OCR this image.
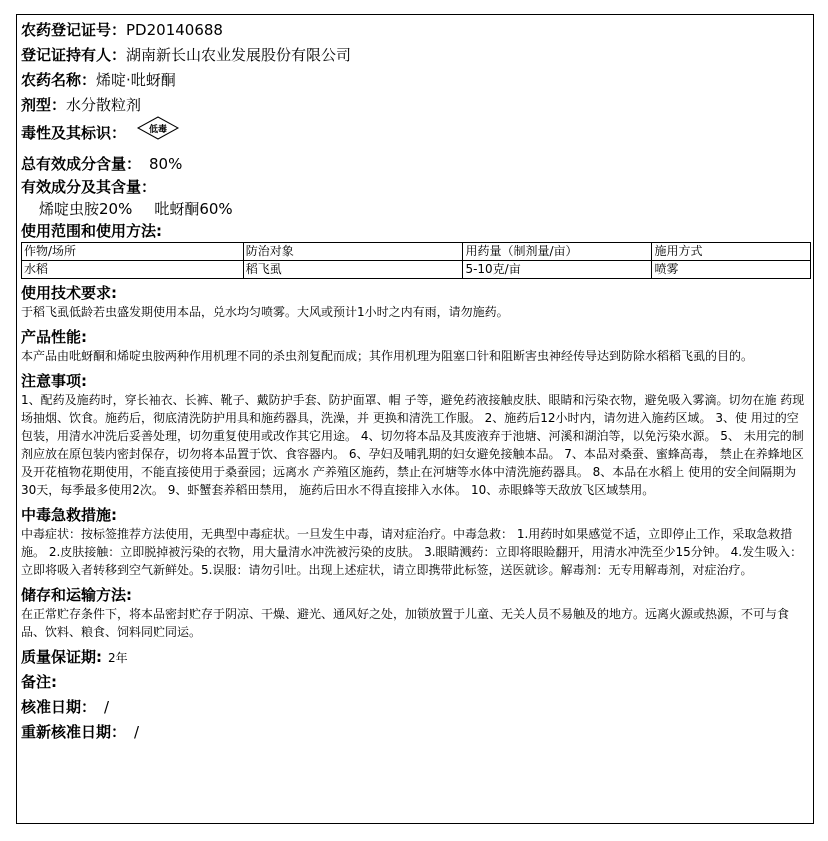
农药登记证号：PD20140688
登记证持有人：湖南新长山农业发展股份有限公司
农药名称：烯啶·吡蚜酮
剂型：水分散粒剂
毒性及其标识：	低毒
总有效成分含量： 80%
有效成分及其含量：
烯啶虫胺20% 吡蚜酮60%
使用范围和使用方法:
作物/场所	防治对象	用药量（制剂量/亩）	施用方式
水稻	稻飞虱	5-10克/亩	喷雾
使用技术要求:
于稻飞虱低龄若虫盛发期使用本品，兑水均匀喷雾。大风或预计1小时之内有雨，请勿施药。
产品性能:
本产品由吡蚜酮和烯啶虫胺两种作用机理不同的杀虫剂复配而成；其作用机理为阻塞口针和阻断害虫神经传导达到防除水稻稻飞虱的目的。
注意事项:
1、配药及施药时，穿长袖衣、长裤、靴子、戴防护手套、防护面罩、帽 子等，避免药液接触皮肤、眼睛和污染衣物，避免吸入雾滴。切勿在施 药现场抽烟、饮食。施药后，彻底清洗防护用具和施药器具，洗澡，并 更换和清洗工作服。 2、施药后12小时内，请勿进入施药区域。 3、使 用过的空包装，用清水冲洗后妥善处理，切勿重复使用或改作其它用途。 4、切勿将本品及其废液弃于池塘、河溪和湖泊等，以免污染水源。 5、 未用完的制剂应放在原包装内密封保存，切勿将本品置于饮、食容器内。 6、孕妇及哺乳期的妇女避免接触本品。 7、本品对桑蚕、蜜蜂高毒， 禁止在养蜂地区及开花植物花期使用，不能直接使用于桑蚕园；远离水 产养殖区施药，禁止在河塘等水体中清洗施药器具。 8、本品在水稻上 使用的安全间隔期为30天，每季最多使用2次。 9、虾蟹套养稻田禁用， 施药后田水不得直接排入水体。 10、赤眼蜂等天敌放飞区域禁用。
中毒急救措施:
中毒症状：按标签推荐方法使用，无典型中毒症状。一旦发生中毒，请对症治疗。中毒急救： 1.用药时如果感觉不适，立即停止工作，采取急救措施。 2.皮肤接触：立即脱掉被污染的衣物，用大量清水冲洗被污染的皮肤。 3.眼睛溅药：立即将眼睑翻开，用清水冲洗至少15分钟。 4.发生吸入：立即将吸入者转移到空气新鲜处。5.误服：请勿引吐。出现上述症状，请立即携带此标签，送医就诊。解毒剂：无专用解毒剂，对症治疗。
储存和运输方法:
在正常贮存条件下，将本品密封贮存于阴凉、干燥、避光、通风好之处，加锁放置于儿童、无关人员不易触及的地方。远离火源或热源，不可与食品、饮料、粮食、饲料同贮同运。
质量保证期: 2年
备注:
核准日期： /
重新核准日期： /
